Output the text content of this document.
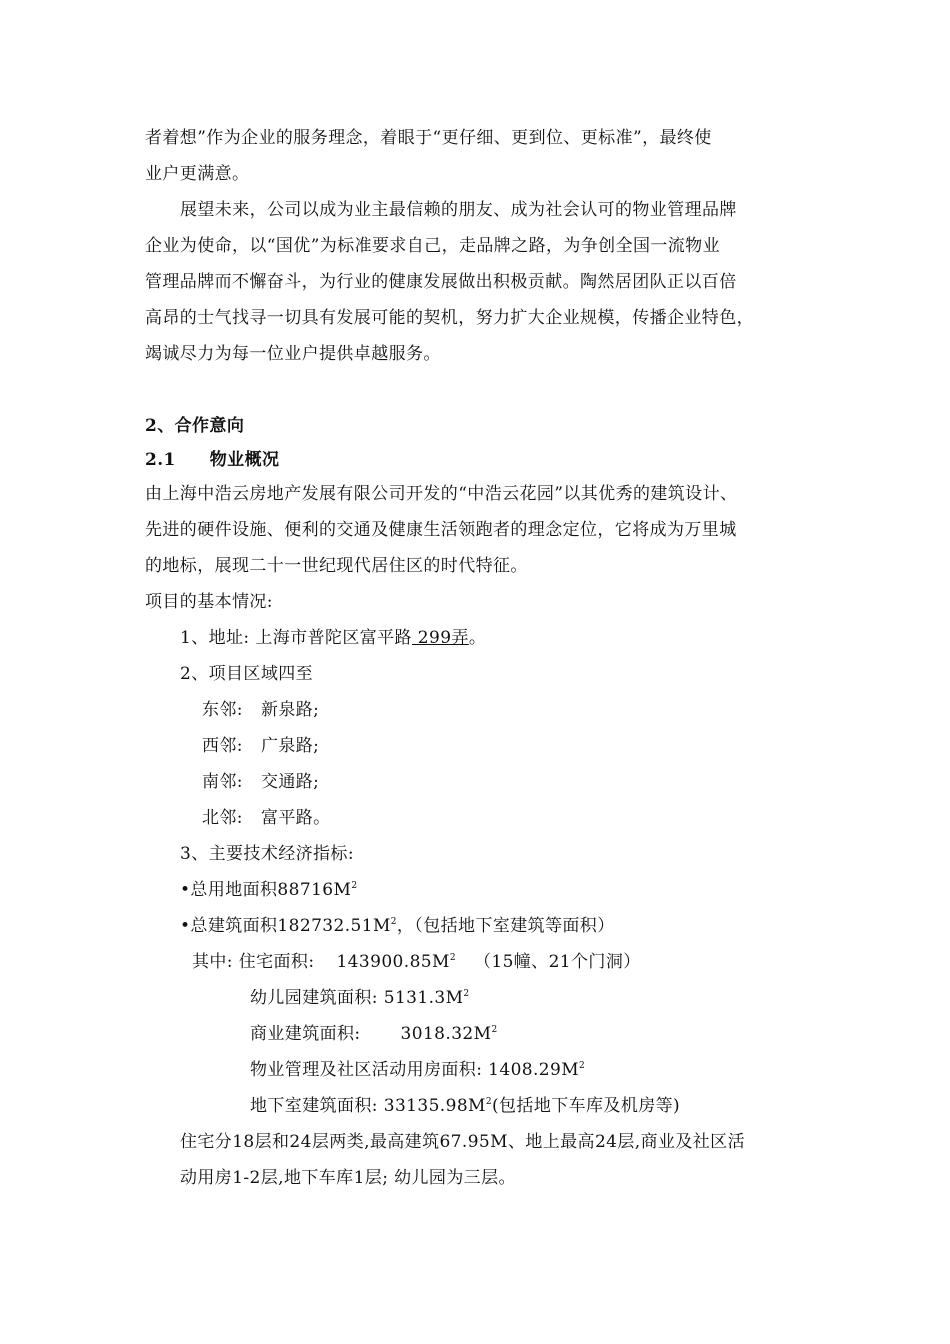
者着想”作为企业的服务理念，着眼于“更仔细、更到位、更标准”，最终使
业户更满意。
展望未来，公司以成为业主最信赖的朋友、成为社会认可的物业管理品牌
企业为使命，以“国优”为标准要求自己，走品牌之路，为争创全国一流物业
管理品牌而不懈奋斗，为行业的健康发展做出积极贡献。陶然居团队正以百倍
高昂的士气找寻一切具有发展可能的契机，努力扩大企业规模，传播企业特色，
竭诚尽力为每一位业户提供卓越服务。
2、合作意向
2.1 物业概况
由上海中浩云房地产发展有限公司开发的“中浩云花园”以其优秀的建筑设计、
先进的硬件设施、便利的交通及健康生活领跑者的理念定位，它将成为万里城
的地标，展现二十一世纪现代居住区的时代特征。
项目的基本情况:
1、地址: 上海市普陀区富平路 299弄。
2、项目区域四至
东邻: 新泉路;
西邻: 广泉路;
南邻: 交通路;
北邻: 富平路。
3、主要技术经济指标:
•总用地面积$88716M^2$
•总建筑面积$182732.51M^2$，（包括地下室建筑等面积）
其中: 住宅面积: $143900.85M^2$ （15幢、21个门洞）
幼儿园建筑面积: $5131.3M^2$
商业建筑面积: $3018.32M^2$
物业管理及社区活动用房面积: $1408.29M^2$
地下室建筑面积: $33135.98M^2$(包括地下车库及机房等)
住宅分18层和24层两类,最高建筑67.95M、地上最高24层,商业及社区活
动用房1-2层,地下车库1层; 幼儿园为三层。
